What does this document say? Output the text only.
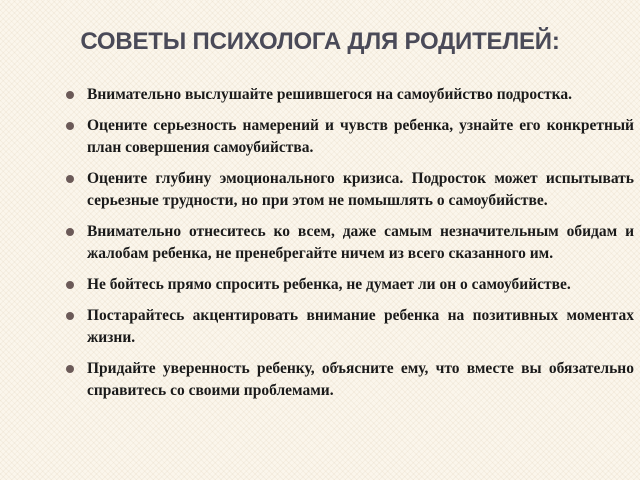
СОВЕТЫ ПСИХОЛОГА ДЛЯ РОДИТЕЛЕЙ:
Внимательно выслушайте решившегося на самоубийство подростка.
Оцените серьезность намерений и чувств ребенка, узнайте его конкретный план совершения самоубийства.
Оцените глубину эмоционального кризиса. Подросток может испытывать серьезные трудности, но при этом не помышлять о самоубийстве.
Внимательно отнеситесь ко всем, даже самым незначительным обидам и жалобам ребенка, не пренебрегайте ничем из всего сказанного им.
Не бойтесь прямо спросить ребенка, не думает ли он о самоубийстве.
Постарайтесь акцентировать внимание ребенка на позитивных моментах жизни.
Придайте уверенность ребенку, объясните ему, что вместе вы обязательно справитесь со своими проблемами.
